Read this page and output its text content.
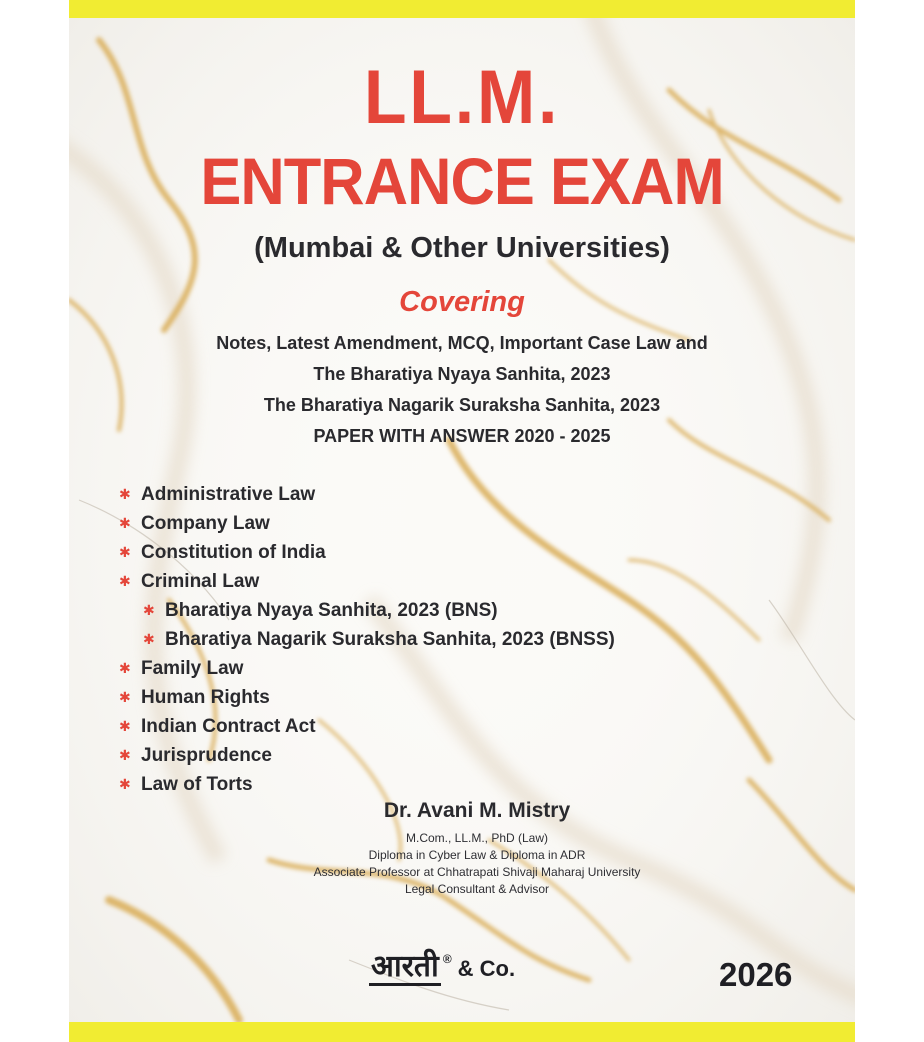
LL.M.
ENTRANCE EXAM
(Mumbai & Other Universities)
Covering
Notes, Latest Amendment, MCQ, Important Case Law and
The Bharatiya Nyaya Sanhita, 2023
The Bharatiya Nagarik Suraksha Sanhita, 2023
PAPER WITH ANSWER 2020 - 2025
✱ Administrative Law
✱ Company Law
✱ Constitution of India
✱ Criminal Law
✱ Bharatiya Nyaya Sanhita, 2023 (BNS)
✱ Bharatiya Nagarik Suraksha Sanhita, 2023 (BNSS)
✱ Family Law
✱ Human Rights
✱ Indian Contract Act
✱ Jurisprudence
✱ Law of Torts
Dr. Avani M. Mistry
M.Com., LL.M., PhD (Law)
Diploma in Cyber Law & Diploma in ADR
Associate Professor at Chhatrapati Shivaji Maharaj University
Legal Consultant & Advisor
आरती ® & Co.	2026
